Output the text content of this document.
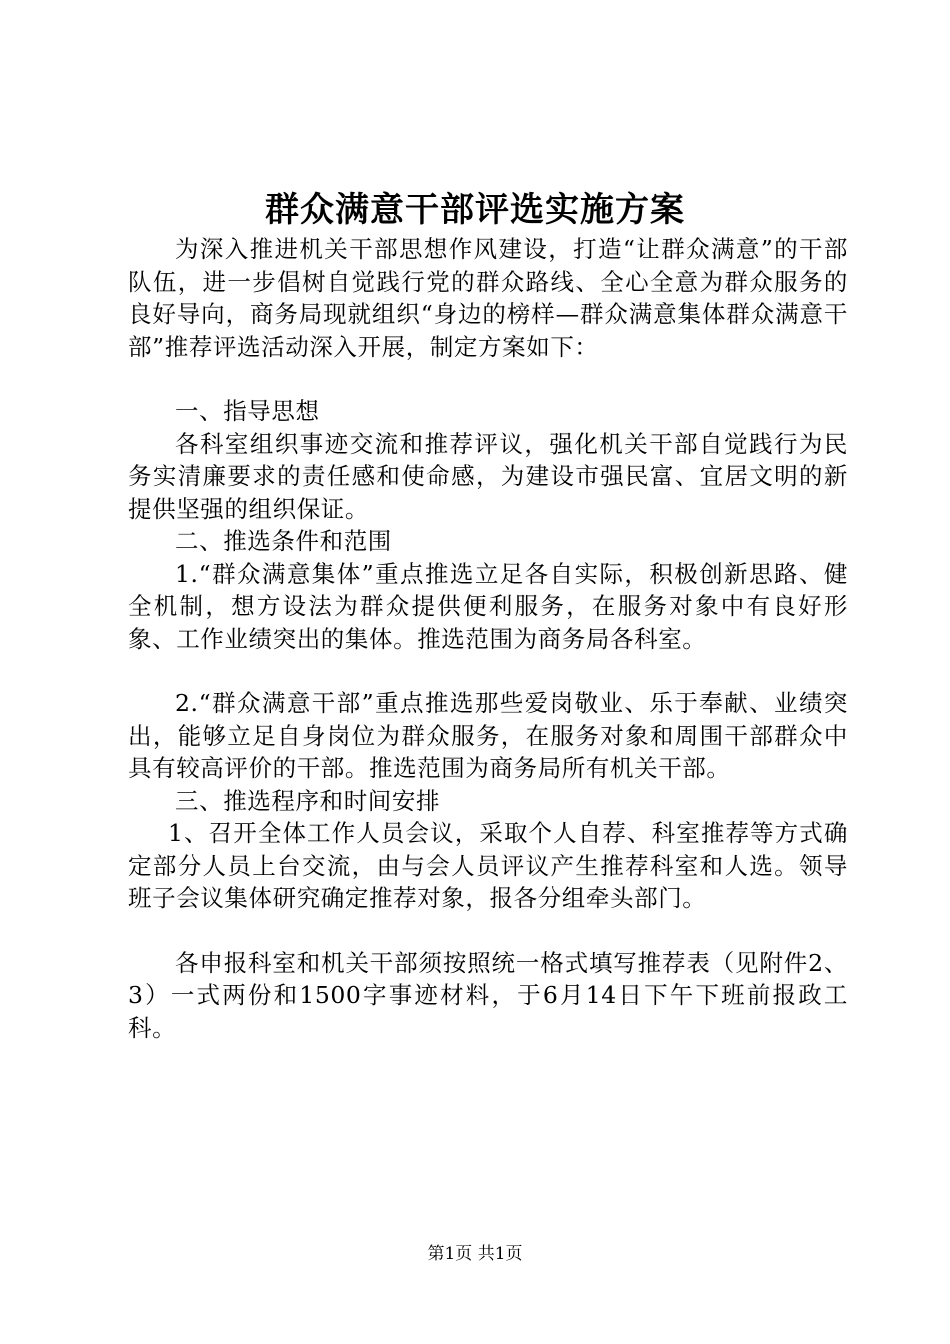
群众满意干部评选实施方案

为深入推进机关干部思想作风建设，打造“让群众满意”的干部队伍，进一步倡树自觉践行党的群众路线、全心全意为群众服务的良好导向，商务局现就组织“身边的榜样—群众满意集体群众满意干部”推荐评选活动深入开展，制定方案如下：

一、指导思想

各科室组织事迹交流和推荐评议，强化机关干部自觉践行为民务实清廉要求的责任感和使命感，为建设市强民富、宜居文明的新提供坚强的组织保证。

二、推选条件和范围

1.“群众满意集体”重点推选立足各自实际，积极创新思路、健全机制，想方设法为群众提供便利服务，在服务对象中有良好形象、工作业绩突出的集体。推选范围为商务局各科室。

2.“群众满意干部”重点推选那些爱岗敬业、乐于奉献、业绩突出，能够立足自身岗位为群众服务，在服务对象和周围干部群众中具有较高评价的干部。推选范围为商务局所有机关干部。

三、推选程序和时间安排

1、召开全体工作人员会议，采取个人自荐、科室推荐等方式确定部分人员上台交流，由与会人员评议产生推荐科室和人选。领导班子会议集体研究确定推荐对象，报各分组牵头部门。

各申报科室和机关干部须按照统一格式填写推荐表（见附件2、3）一式两份和1500字事迹材料，于6月14日下午下班前报政工科。

第1页 共1页
